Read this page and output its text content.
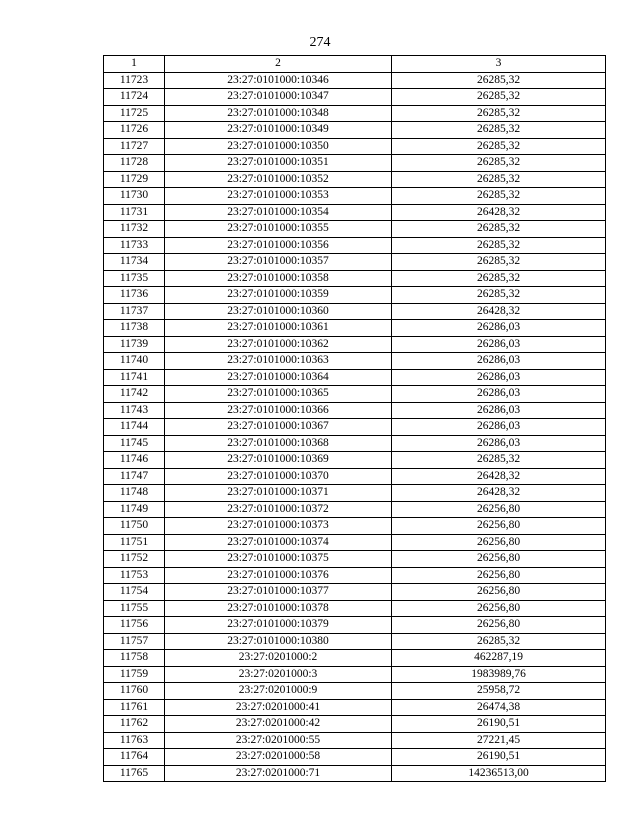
274
1	2	3
11723	23:27:0101000:10346	26285,32
11724	23:27:0101000:10347	26285,32
11725	23:27:0101000:10348	26285,32
11726	23:27:0101000:10349	26285,32
11727	23:27:0101000:10350	26285,32
11728	23:27:0101000:10351	26285,32
11729	23:27:0101000:10352	26285,32
11730	23:27:0101000:10353	26285,32
11731	23:27:0101000:10354	26428,32
11732	23:27:0101000:10355	26285,32
11733	23:27:0101000:10356	26285,32
11734	23:27:0101000:10357	26285,32
11735	23:27:0101000:10358	26285,32
11736	23:27:0101000:10359	26285,32
11737	23:27:0101000:10360	26428,32
11738	23:27:0101000:10361	26286,03
11739	23:27:0101000:10362	26286,03
11740	23:27:0101000:10363	26286,03
11741	23:27:0101000:10364	26286,03
11742	23:27:0101000:10365	26286,03
11743	23:27:0101000:10366	26286,03
11744	23:27:0101000:10367	26286,03
11745	23:27:0101000:10368	26286,03
11746	23:27:0101000:10369	26285,32
11747	23:27:0101000:10370	26428,32
11748	23:27:0101000:10371	26428,32
11749	23:27:0101000:10372	26256,80
11750	23:27:0101000:10373	26256,80
11751	23:27:0101000:10374	26256,80
11752	23:27:0101000:10375	26256,80
11753	23:27:0101000:10376	26256,80
11754	23:27:0101000:10377	26256,80
11755	23:27:0101000:10378	26256,80
11756	23:27:0101000:10379	26256,80
11757	23:27:0101000:10380	26285,32
11758	23:27:0201000:2	462287,19
11759	23:27:0201000:3	1983989,76
11760	23:27:0201000:9	25958,72
11761	23:27:0201000:41	26474,38
11762	23:27:0201000:42	26190,51
11763	23:27:0201000:55	27221,45
11764	23:27:0201000:58	26190,51
11765	23:27:0201000:71	14236513,00
